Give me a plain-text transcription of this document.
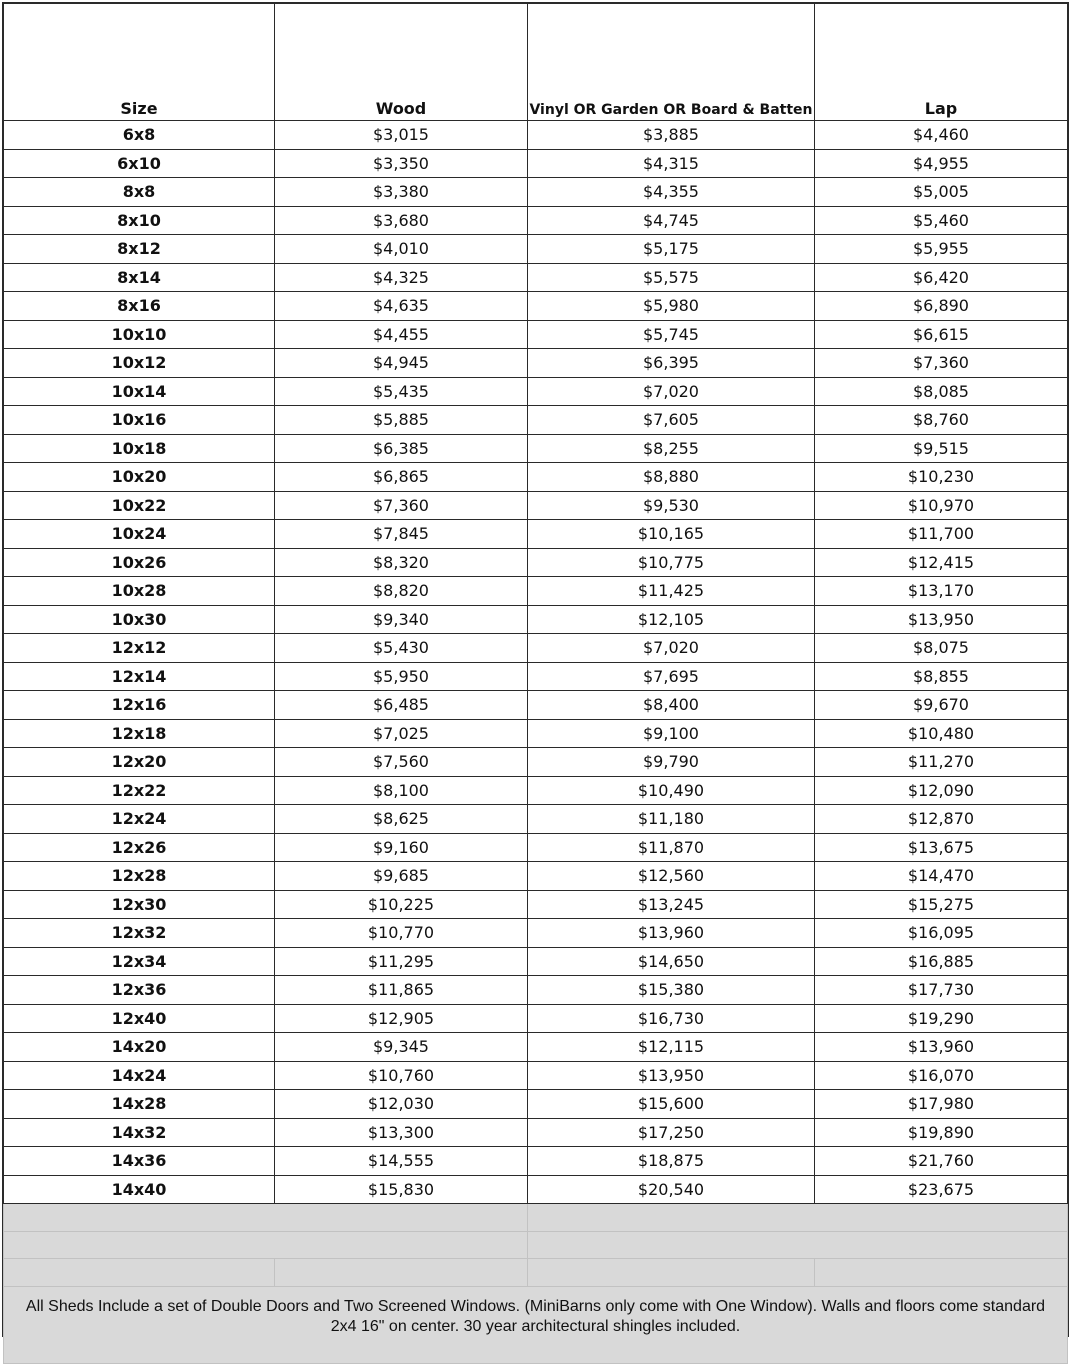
Size	Wood	Vinyl OR Garden OR Board & Batten	Lap
6x8	$3,015	$3,885	$4,460
6x10	$3,350	$4,315	$4,955
8x8	$3,380	$4,355	$5,005
8x10	$3,680	$4,745	$5,460
8x12	$4,010	$5,175	$5,955
8x14	$4,325	$5,575	$6,420
8x16	$4,635	$5,980	$6,890
10x10	$4,455	$5,745	$6,615
10x12	$4,945	$6,395	$7,360
10x14	$5,435	$7,020	$8,085
10x16	$5,885	$7,605	$8,760
10x18	$6,385	$8,255	$9,515
10x20	$6,865	$8,880	$10,230
10x22	$7,360	$9,530	$10,970
10x24	$7,845	$10,165	$11,700
10x26	$8,320	$10,775	$12,415
10x28	$8,820	$11,425	$13,170
10x30	$9,340	$12,105	$13,950
12x12	$5,430	$7,020	$8,075
12x14	$5,950	$7,695	$8,855
12x16	$6,485	$8,400	$9,670
12x18	$7,025	$9,100	$10,480
12x20	$7,560	$9,790	$11,270
12x22	$8,100	$10,490	$12,090
12x24	$8,625	$11,180	$12,870
12x26	$9,160	$11,870	$13,675
12x28	$9,685	$12,560	$14,470
12x30	$10,225	$13,245	$15,275
12x32	$10,770	$13,960	$16,095
12x34	$11,295	$14,650	$16,885
12x36	$11,865	$15,380	$17,730
12x40	$12,905	$16,730	$19,290
14x20	$9,345	$12,115	$13,960
14x24	$10,760	$13,950	$16,070
14x28	$12,030	$15,600	$17,980
14x32	$13,300	$17,250	$19,890
14x36	$14,555	$18,875	$21,760
14x40	$15,830	$20,540	$23,675

All Sheds Include a set of Double Doors and Two Screened Windows. (MiniBarns only come with One Window). Walls and floors come standard 2x4 16" on center. 30 year architectural shingles included.
